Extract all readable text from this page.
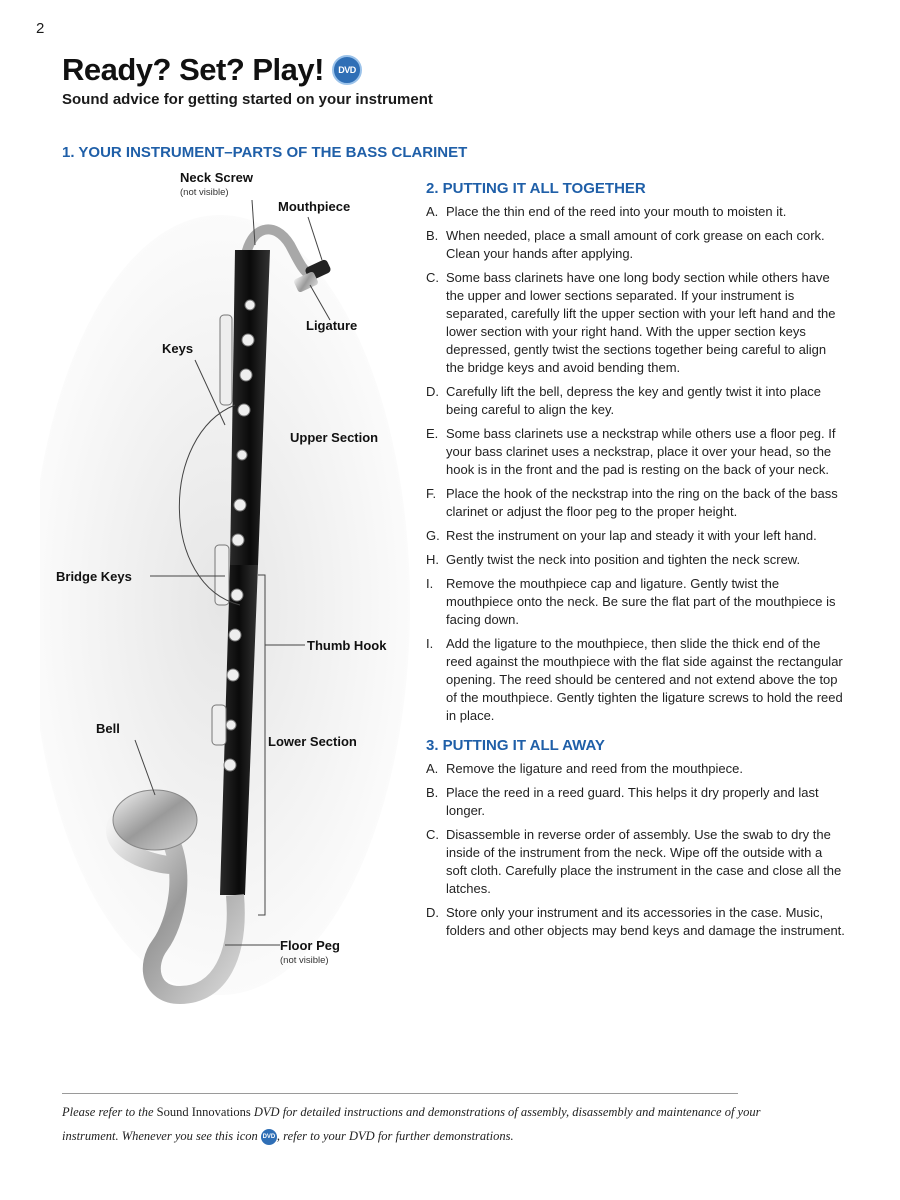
2
Ready? Set? Play!	DVD
Sound advice for getting started on your instrument
1. YOUR INSTRUMENT–PARTS OF THE BASS CLARINET
Neck Screw
(not visible)
Mouthpiece
Ligature
Keys
Upper Section
Bridge Keys
Thumb Hook
Bell
Lower Section
Floor Peg
(not visible)
2. PUTTING IT ALL TOGETHER
A. Place the thin end of the reed into your mouth to moisten it.
B. When needed, place a small amount of cork grease on each cork. Clean your hands after applying.
C. Some bass clarinets have one long body section while others have the upper and lower sections separated. If your instrument is separated, carefully lift the upper section with your left hand and the lower section with your right hand. With the upper section keys depressed, gently twist the sections together being careful to align the bridge keys and avoid bending them.
D. Carefully lift the bell, depress the key and gently twist it into place being careful to align the key.
E. Some bass clarinets use a neckstrap while others use a floor peg. If your bass clarinet uses a neckstrap, place it over your head, so the hook is in the front and the pad is resting on the back of your neck.
F. Place the hook of the neckstrap into the ring on the back of the bass clarinet or adjust the floor peg to the proper height.
G. Rest the instrument on your lap and steady it with your left hand.
H. Gently twist the neck into position and tighten the neck screw.
I. Remove the mouthpiece cap and ligature. Gently twist the mouthpiece onto the neck. Be sure the flat part of the mouthpiece is facing down.
I. Add the ligature to the mouthpiece, then slide the thick end of the reed against the mouthpiece with the flat side against the rectangular opening. The reed should be centered and not extend above the top of the mouthpiece. Gently tighten the ligature screws to hold the reed in place.
3. PUTTING IT ALL AWAY
A. Remove the ligature and reed from the mouthpiece.
B. Place the reed in a reed guard. This helps it dry properly and last longer.
C. Disassemble in reverse order of assembly. Use the swab to dry the inside of the instrument from the neck. Wipe off the outside with a soft cloth. Carefully place the instrument in the case and close all the latches.
D. Store only your instrument and its accessories in the case. Music, folders and other objects may bend keys and damage the instrument.
Please refer to the Sound Innovations DVD for detailed instructions and demonstrations of assembly, disassembly and maintenance of your instrument. Whenever you see this icon DVD , refer to your DVD for further demonstrations.
